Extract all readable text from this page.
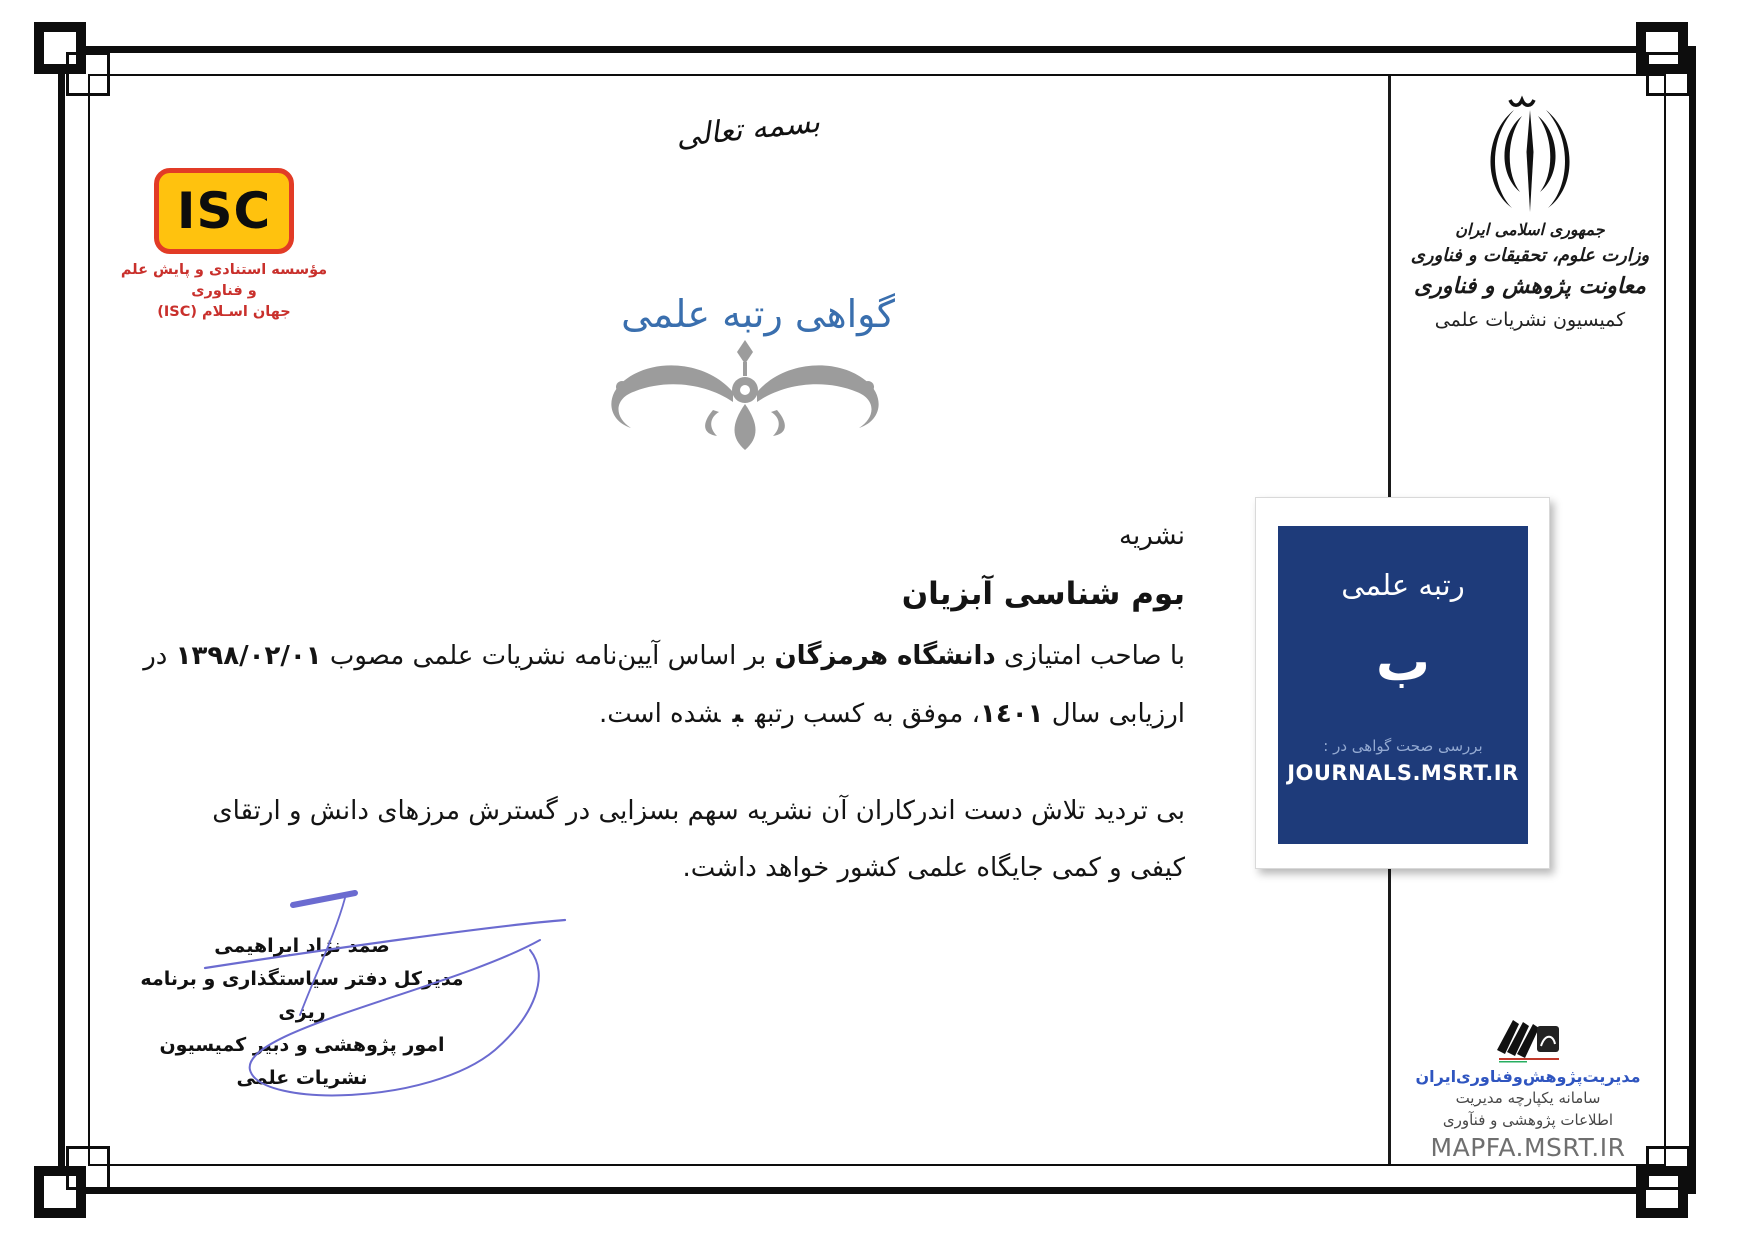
بسمه تعالی
ISC
مؤسسه استنادی و پایش علم و فناوری
جهان اسـلام (ISC)
جمهوری اسلامی ایران
وزارت علوم، تحقیقات و فناوری
معاونت پژوهش و فناوری
کمیسیون نشریات علمی
گواهی رتبه علمی
نشریه
بوم شناسی آبزیان
با صاحب امتیازی دانشگاه هرمزگان بر اساس آیین‌نامه نشریات علمی مصوب ١٣٩٨/٠٢/٠١ در
ارزیابی سال ١٤٠١، موفق به کسب رتبهبشده است.
بی تردید تلاش دست اندرکاران آن نشریه سهم بسزایی در گسترش مرزهای دانش و ارتقای
کیفی و کمی جایگاه علمی کشور خواهد داشت.
صمد نژاد ابراهیمی
مدیرکل دفتر سیاستگذاری و برنامه ریزی
امور پژوهشی و دبیر کمیسیون
نشریات علمی
رتبه علمی
ب
بررسی صحت گواهی در :
JOURNALS.MSRT.IR
مدیریت‌پژوهش‌وفناوری‌ایران
سامانه یکپارچه مدیریت
اطلاعات پژوهشی و فنآوری
MAPFA.MSRT.IR
